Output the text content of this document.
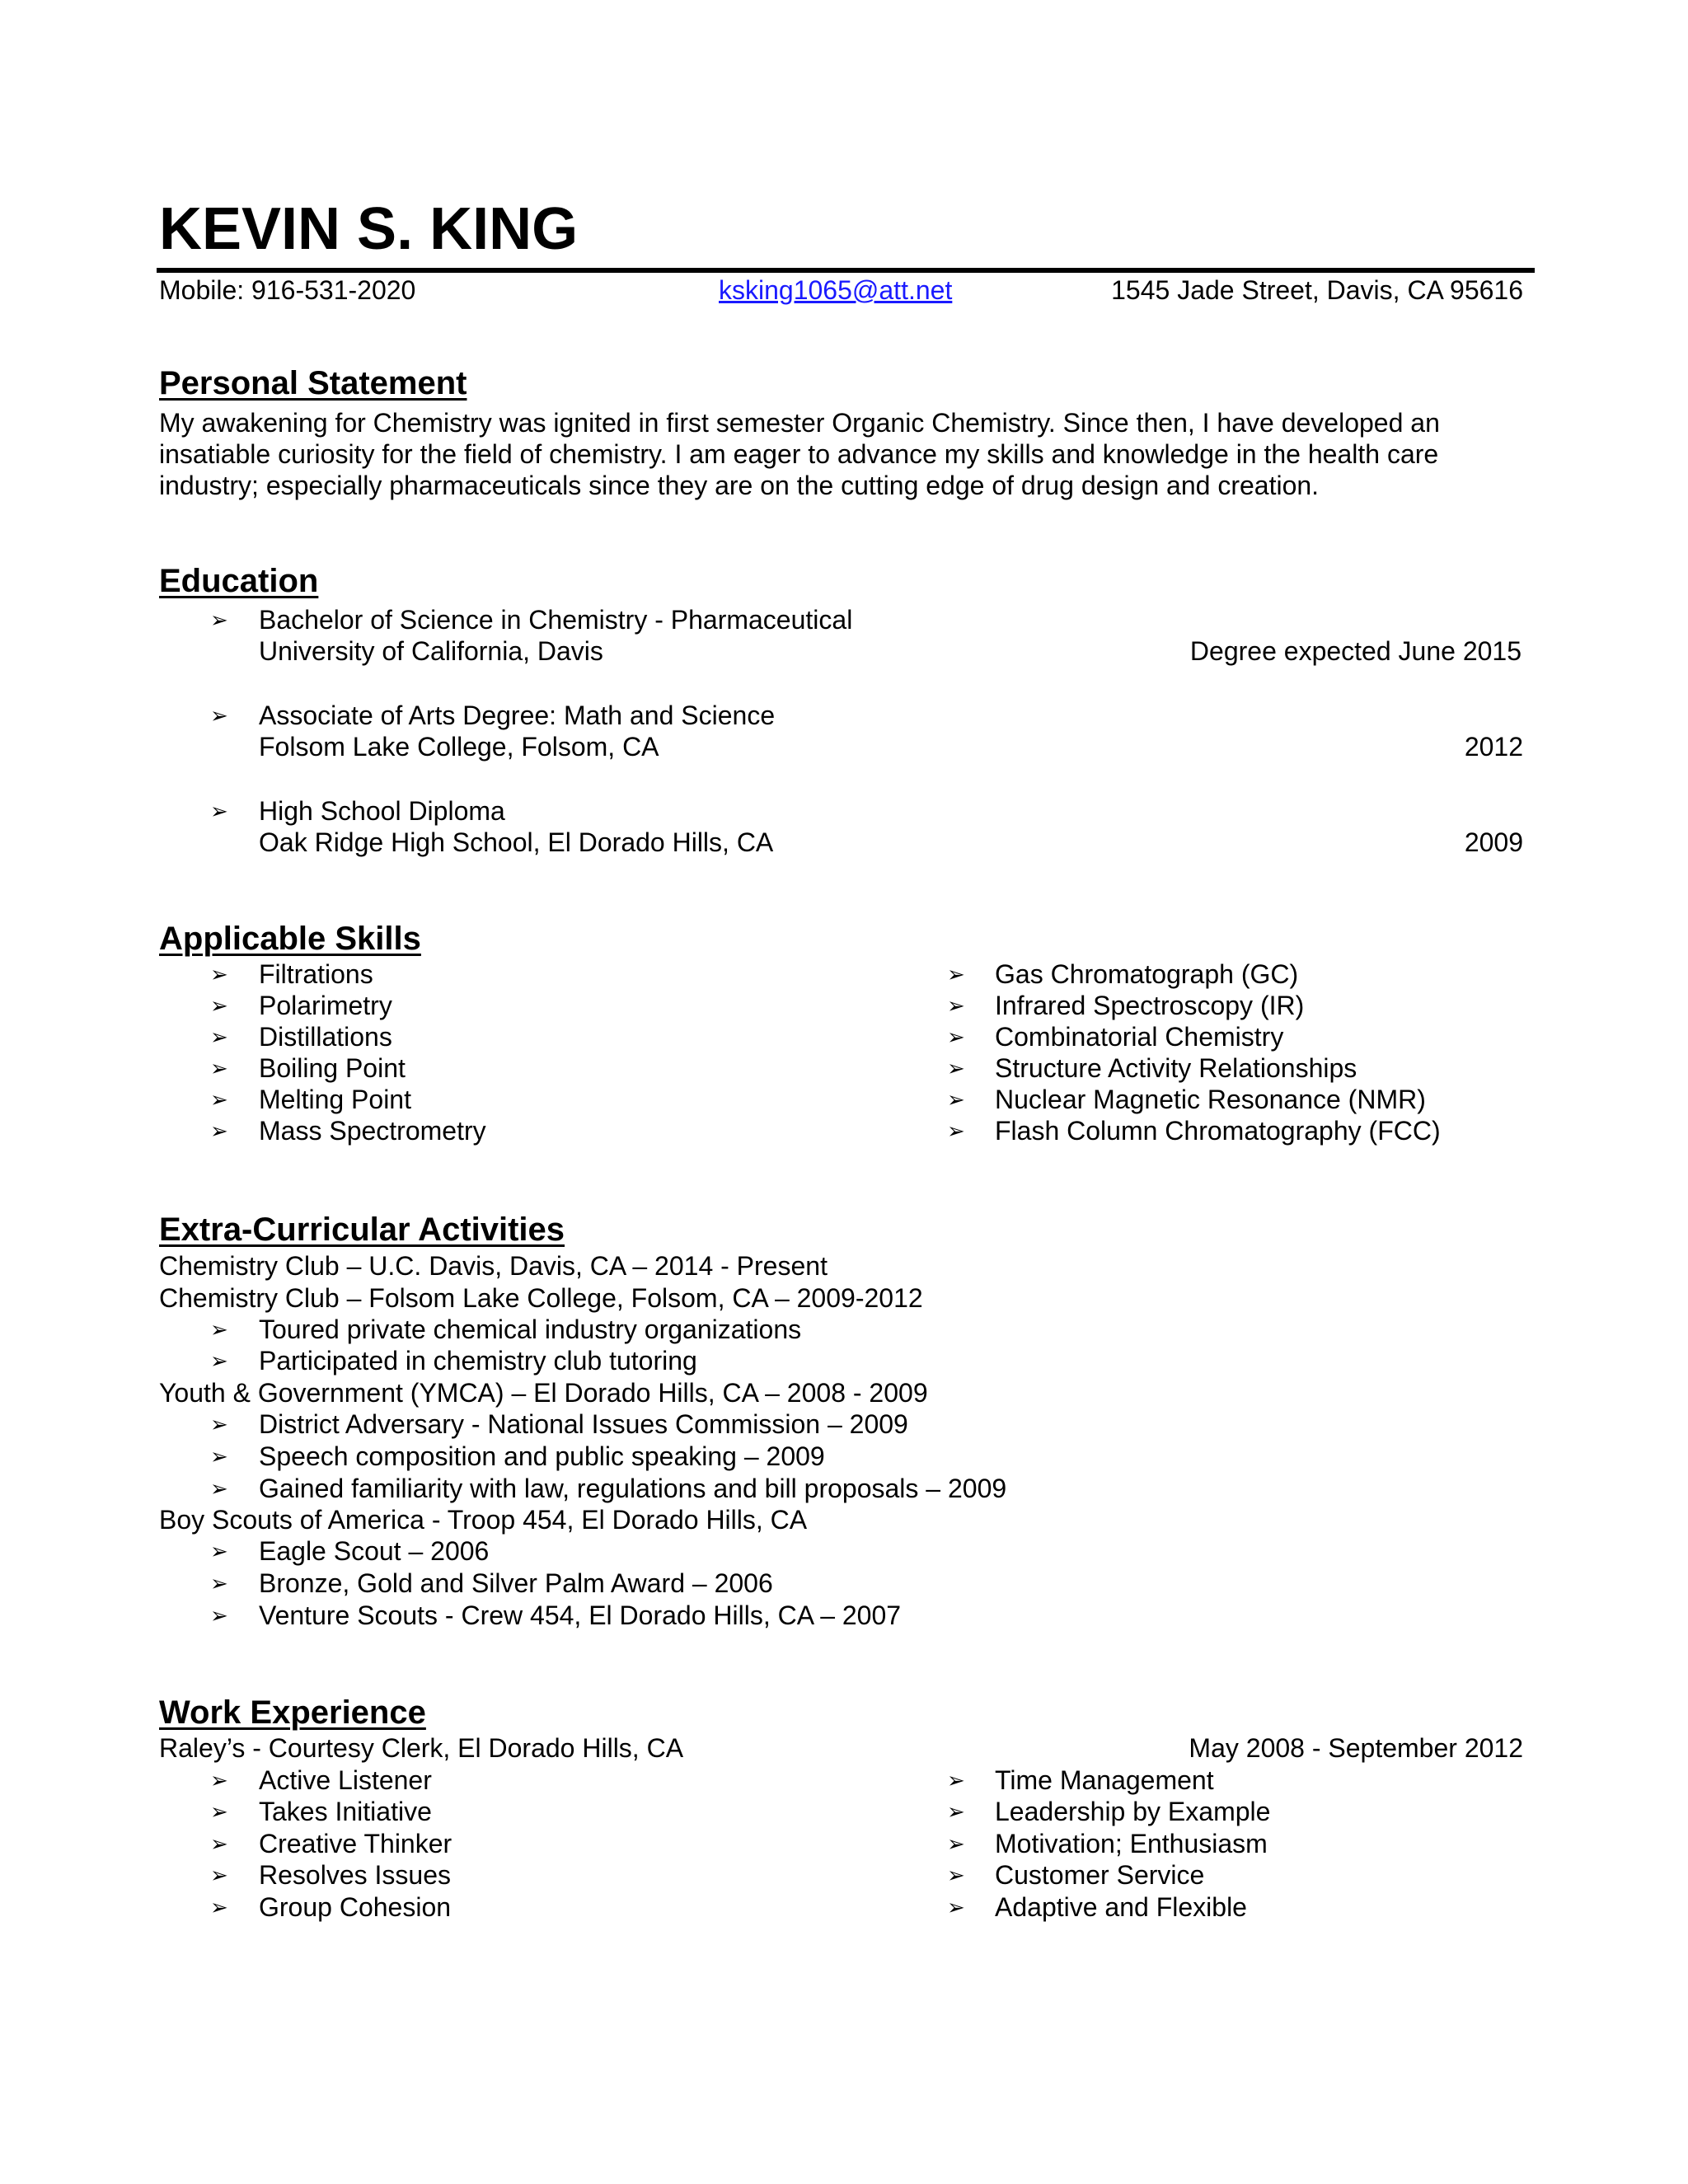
KEVIN S. KING
Mobile: 916-531-2020	ksking1065@att.net	1545 Jade Street, Davis, CA 95616
Personal Statement
My awakening for Chemistry was ignited in first semester Organic Chemistry. Since then, I have developed an insatiable curiosity for the field of chemistry. I am eager to advance my skills and knowledge in the health care industry; especially pharmaceuticals since they are on the cutting edge of drug design and creation.
Education
➢ Bachelor of Science in Chemistry - Pharmaceutical
University of California, Davis	Degree expected June 2015
➢ Associate of Arts Degree: Math and Science
Folsom Lake College, Folsom, CA	2012
➢ High School Diploma
Oak Ridge High School, El Dorado Hills, CA	2009
Applicable Skills
➢ Filtrations
➢ Polarimetry
➢ Distillations
➢ Boiling Point
➢ Melting Point
➢ Mass Spectrometry
➢ Gas Chromatograph (GC)
➢ Infrared Spectroscopy (IR)
➢ Combinatorial Chemistry
➢ Structure Activity Relationships
➢ Nuclear Magnetic Resonance (NMR)
➢ Flash Column Chromatography (FCC)
Extra-Curricular Activities
Chemistry Club – U.C. Davis, Davis, CA – 2014 - Present
Chemistry Club – Folsom Lake College, Folsom, CA – 2009-2012
➢ Toured private chemical industry organizations
➢ Participated in chemistry club tutoring
Youth & Government (YMCA) – El Dorado Hills, CA – 2008 - 2009
➢ District Adversary - National Issues Commission – 2009
➢ Speech composition and public speaking – 2009
➢ Gained familiarity with law, regulations and bill proposals – 2009
Boy Scouts of America - Troop 454, El Dorado Hills, CA
➢ Eagle Scout – 2006
➢ Bronze, Gold and Silver Palm Award – 2006
➢ Venture Scouts - Crew 454, El Dorado Hills, CA – 2007
Work Experience
Raley’s - Courtesy Clerk, El Dorado Hills, CA	May 2008 - September 2012
➢ Active Listener
➢ Takes Initiative
➢ Creative Thinker
➢ Resolves Issues
➢ Group Cohesion
➢ Time Management
➢ Leadership by Example
➢ Motivation; Enthusiasm
➢ Customer Service
➢ Adaptive and Flexible
